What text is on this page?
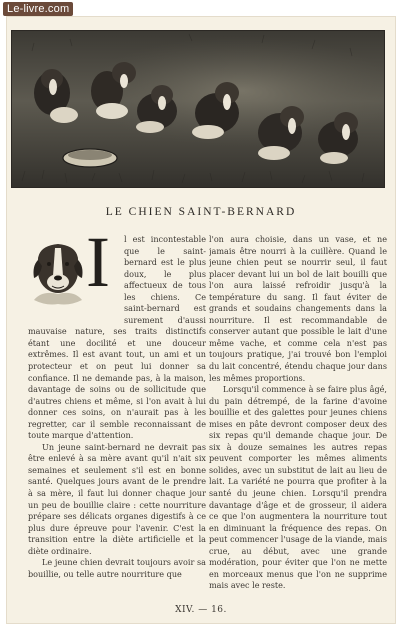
Le-livre.com
LE CHIEN SAINT-BERNARD
I	l est incontestable que le saint-bernard est le plus doux, le plus affectueux de tous les chiens. Ce saint-bernard est surement d'aussi mauvaise nature, ses traits distinctifs étant une docilité et une douceur extrêmes. Il est avant tout, un ami et un protecteur et on peut lui donner sa confiance. Il ne demande pas, à la maison, davantage de soins ou de sollicitude que d'autres chiens et même, si l'on avait à lui donner ces soins, on n'aurait pas à les regretter, car il semble reconnaissant de toute marque d'attention.

Un jeune saint-bernard ne devrait pas être enlevé à sa mère avant qu'il n'ait six semaines et seulement s'il est en bonne santé. Quelques jours avant de le prendre à sa mère, il faut lui donner chaque jour un peu de bouillie claire : cette nourriture prépare ses délicats organes digestifs à ce plus dure épreuve pour l'avenir. C'est la transition entre la diète artificielle et la diète ordinaire.

Le jeune chien devrait toujours avoir sa bouillie, ou telle autre nourriture que

l'on aura choisie, dans un vase, et ne jamais être nourri à la cuillère. Quand le jeune chien peut se nourrir seul, il faut placer devant lui un bol de lait bouilli que l'on aura laissé refroidir jusqu'à la température du sang. Il faut éviter de grands et soudains changements dans la nourriture. Il est recommandable de conserver autant que possible le lait d'une même vache, et comme cela n'est pas toujours pratique, j'ai trouvé bon l'emploi du lait concentré, étendu chaque jour dans les mêmes proportions.

Lorsqu'il commence à se faire plus âgé, du pain détrempé, de la farine d'avoine bouillie et des galettes pour jeunes chiens mises en pâte devront composer deux des six repas qu'il demande chaque jour. De six à douze semaines les autres repas peuvent comporter les mêmes aliments solides, avec un substitut de lait au lieu de lait. La variété ne pourra que profiter à la santé du jeune chien. Lorsqu'il prendra davantage d'âge et de grosseur, il aidera ce que l'on augmentera la nourriture tout en diminuant la fréquence des repas. On peut commencer l'usage de la viande, mais crue, au début, avec une grande modération, pour éviter que l'on ne mette en morceaux menus que l'on ne supprime mais avec le reste.

XIV. — 16.
